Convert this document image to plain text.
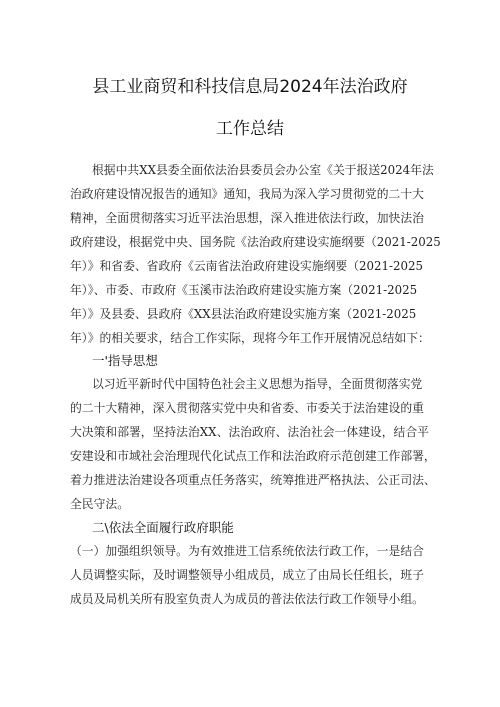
县工业商贸和科技信息局2024年法治政府
工作总结
根据中共XX县委全面依法治县委员会办公室《关于报送2024年法
治政府建设情况报告的通知》通知，我局为深入学习贯彻党的二十大
精神，全面贯彻落实习近平法治思想，深入推进依法行政，加快法治
政府建设，根据党中央、国务院《法治政府建设实施纲要（2021-2025
年）》和省委、省政府《云南省法治政府建设实施纲要（2021-2025
年）》、市委、市政府《玉溪市法治政府建设实施方案（2021-2025
年）》及县委、县政府《XX县法治政府建设实施方案（2021-2025
年）》的相关要求，结合工作实际，现将今年工作开展情况总结如下：
一'指导思想
以习近平新时代中国特色社会主义思想为指导，全面贯彻落实党
的二十大精神，深入贯彻落实党中央和省委、市委关于法治建设的重
大决策和部署，坚持法治XX、法治政府、法治社会一体建设，结合平
安建设和市域社会治理现代化试点工作和法治政府示范创建工作部署，
着力推进法治建设各项重点任务落实，统筹推进严格执法、公正司法、
全民守法。
二\依法全面履行政府职能
（一）加强组织领导。为有效推进工信系统依法行政工作，一是结合
人员调整实际，及时调整领导小组成员，成立了由局长任组长，班子
成员及局机关所有股室负责人为成员的普法依法行政工作领导小组。
